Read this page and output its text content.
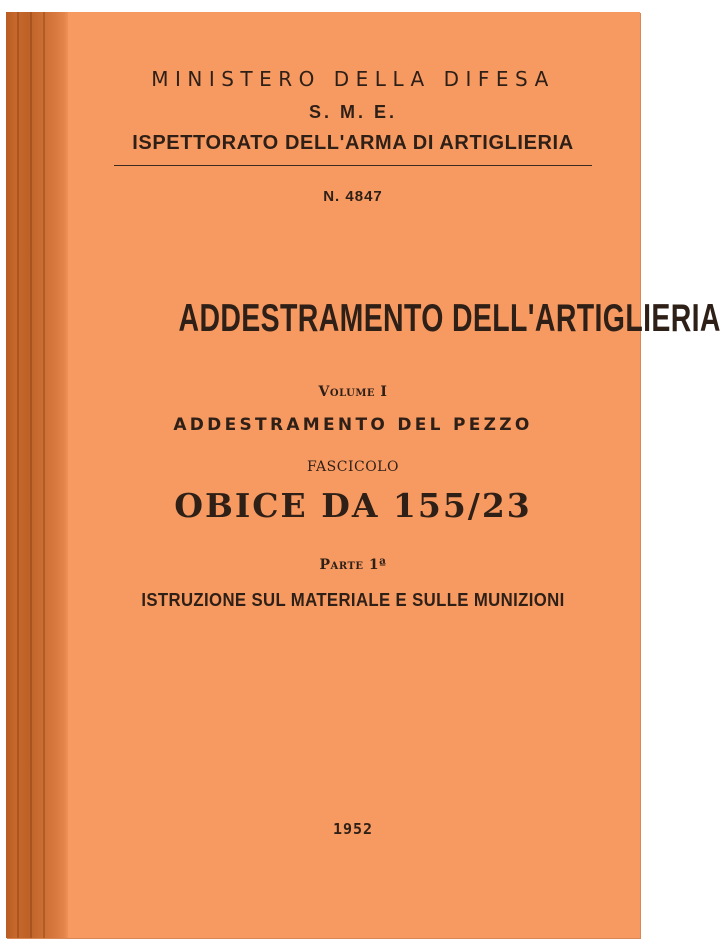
MINISTERO DELLA DIFESA
S. M. E.
ISPETTORATO DELL'ARMA DI ARTIGLIERIA
N. 4847
ADDESTRAMENTO DELL'ARTIGLIERIA
Volume I
ADDESTRAMENTO DEL PEZZO
FASCICOLO
OBICE DA 155/23
Parte 1ª
ISTRUZIONE SUL MATERIALE E SULLE MUNIZIONI
1952
